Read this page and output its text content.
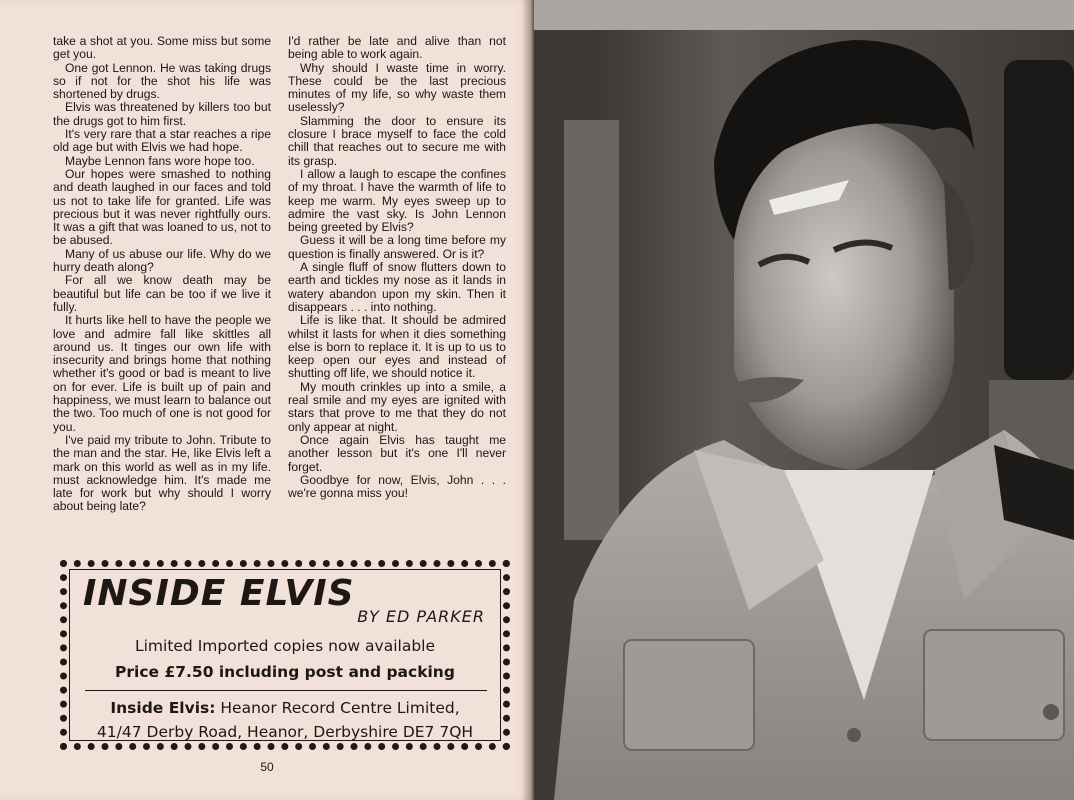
take a shot at you. Some miss but some get you.

One got Lennon. He was taking drugs so if not for the shot his life was shortened by drugs.

Elvis was threatened by killers too but the drugs got to him first.

It's very rare that a star reaches a ripe old age but with Elvis we had hope.

Maybe Lennon fans wore hope too.

Our hopes were smashed to nothing and death laughed in our faces and told us not to take life for granted. Life was precious but it was never rightfully ours. It was a gift that was loaned to us, not to be abused.

Many of us abuse our life. Why do we hurry death along?

For all we know death may be beautiful but life can be too if we live it fully.

It hurts like hell to have the people we love and admire fall like skittles all around us. It tinges our own life with insecurity and brings home that nothing whether it's good or bad is meant to live on for ever. Life is built up of pain and happiness, we must learn to balance out the two. Too much of one is not good for you.

I've paid my tribute to John. Tribute to the man and the star. He, like Elvis left a mark on this world as well as in my life. must acknowledge him. It's made me late for work but why should I worry about being late?

I'd rather be late and alive than not being able to work again.

Why should I waste time in worry. These could be the last precious minutes of my life, so why waste them uselessly?

Slamming the door to ensure its closure I brace myself to face the cold chill that reaches out to secure me with its grasp.

I allow a laugh to escape the confines of my throat. I have the warmth of life to keep me warm. My eyes sweep up to admire the vast sky. Is John Lennon being greeted by Elvis?

Guess it will be a long time before my question is finally answered. Or is it?

A single fluff of snow flutters down to earth and tickles my nose as it lands in watery abandon upon my skin. Then it disappears . . . into nothing.

Life is like that. It should be admired whilst it lasts for when it dies something else is born to replace it. It is up to us to keep open our eyes and instead of shutting off life, we should notice it.

My mouth crinkles up into a smile, a real smile and my eyes are ignited with stars that prove to me that they do not only appear at night.

Once again Elvis has taught me another lesson but it's one I'll never forget.

Goodbye for now, Elvis, John . . . we're gonna miss you!

INSIDE ELVIS
BY ED PARKER
Limited Imported copies now available
Price £7.50 including post and packing
Inside Elvis: Heanor Record Centre Limited,
41/47 Derby Road, Heanor, Derbyshire DE7 7QH
50
